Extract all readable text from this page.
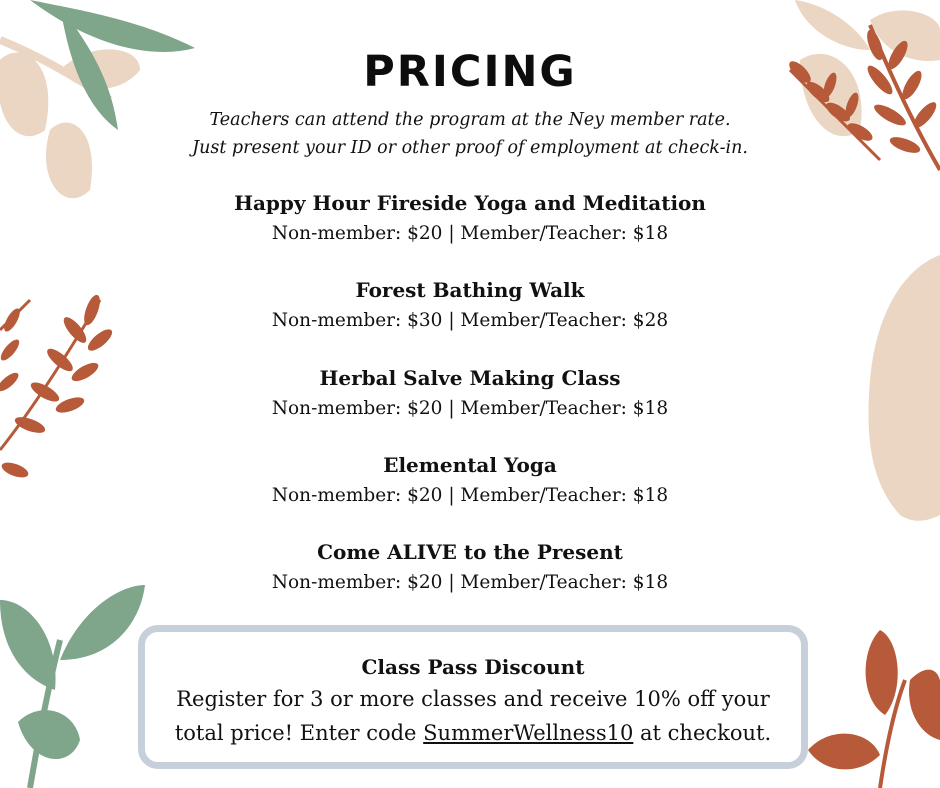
PRICING
Teachers can attend the program at the Ney member rate.
Just present your ID or other proof of employment at check-in.
Happy Hour Fireside Yoga and Meditation
Non-member: $20 | Member/Teacher: $18
Forest Bathing Walk
Non-member: $30 | Member/Teacher: $28
Herbal Salve Making Class
Non-member: $20 | Member/Teacher: $18
Elemental Yoga
Non-member: $20 | Member/Teacher: $18
Come ALIVE to the Present
Non-member: $20 | Member/Teacher: $18
Class Pass Discount
Register for 3 or more classes and receive 10% off your
total price! Enter code SummerWellness10 at checkout.
